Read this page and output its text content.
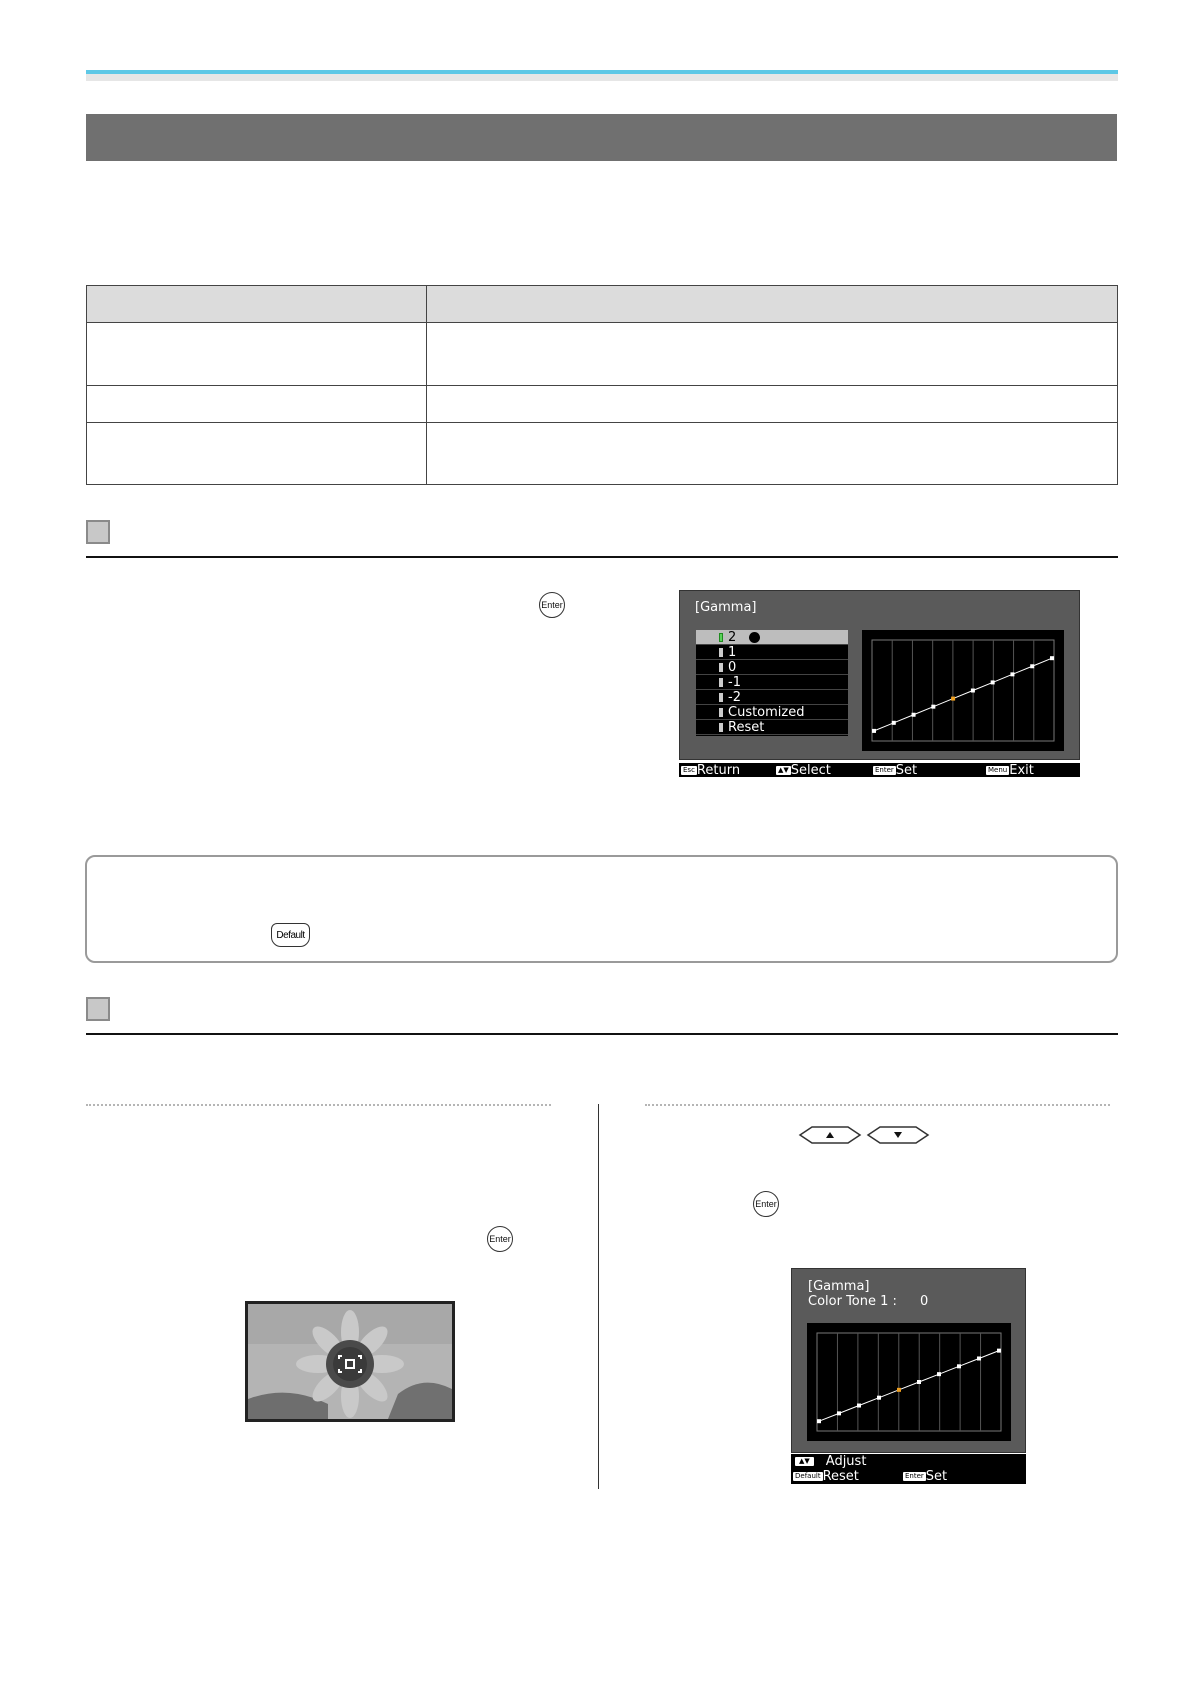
Enter	[Gamma]
2
1
0
-1
-2
Customized
Reset
Esc Return	▲▼ Select	Enter Set	Menu Exit
Default
Enter
Enter
[Gamma]
Color Tone 1 : 0
▲▼ Adjust
Default Reset	Enter Set
